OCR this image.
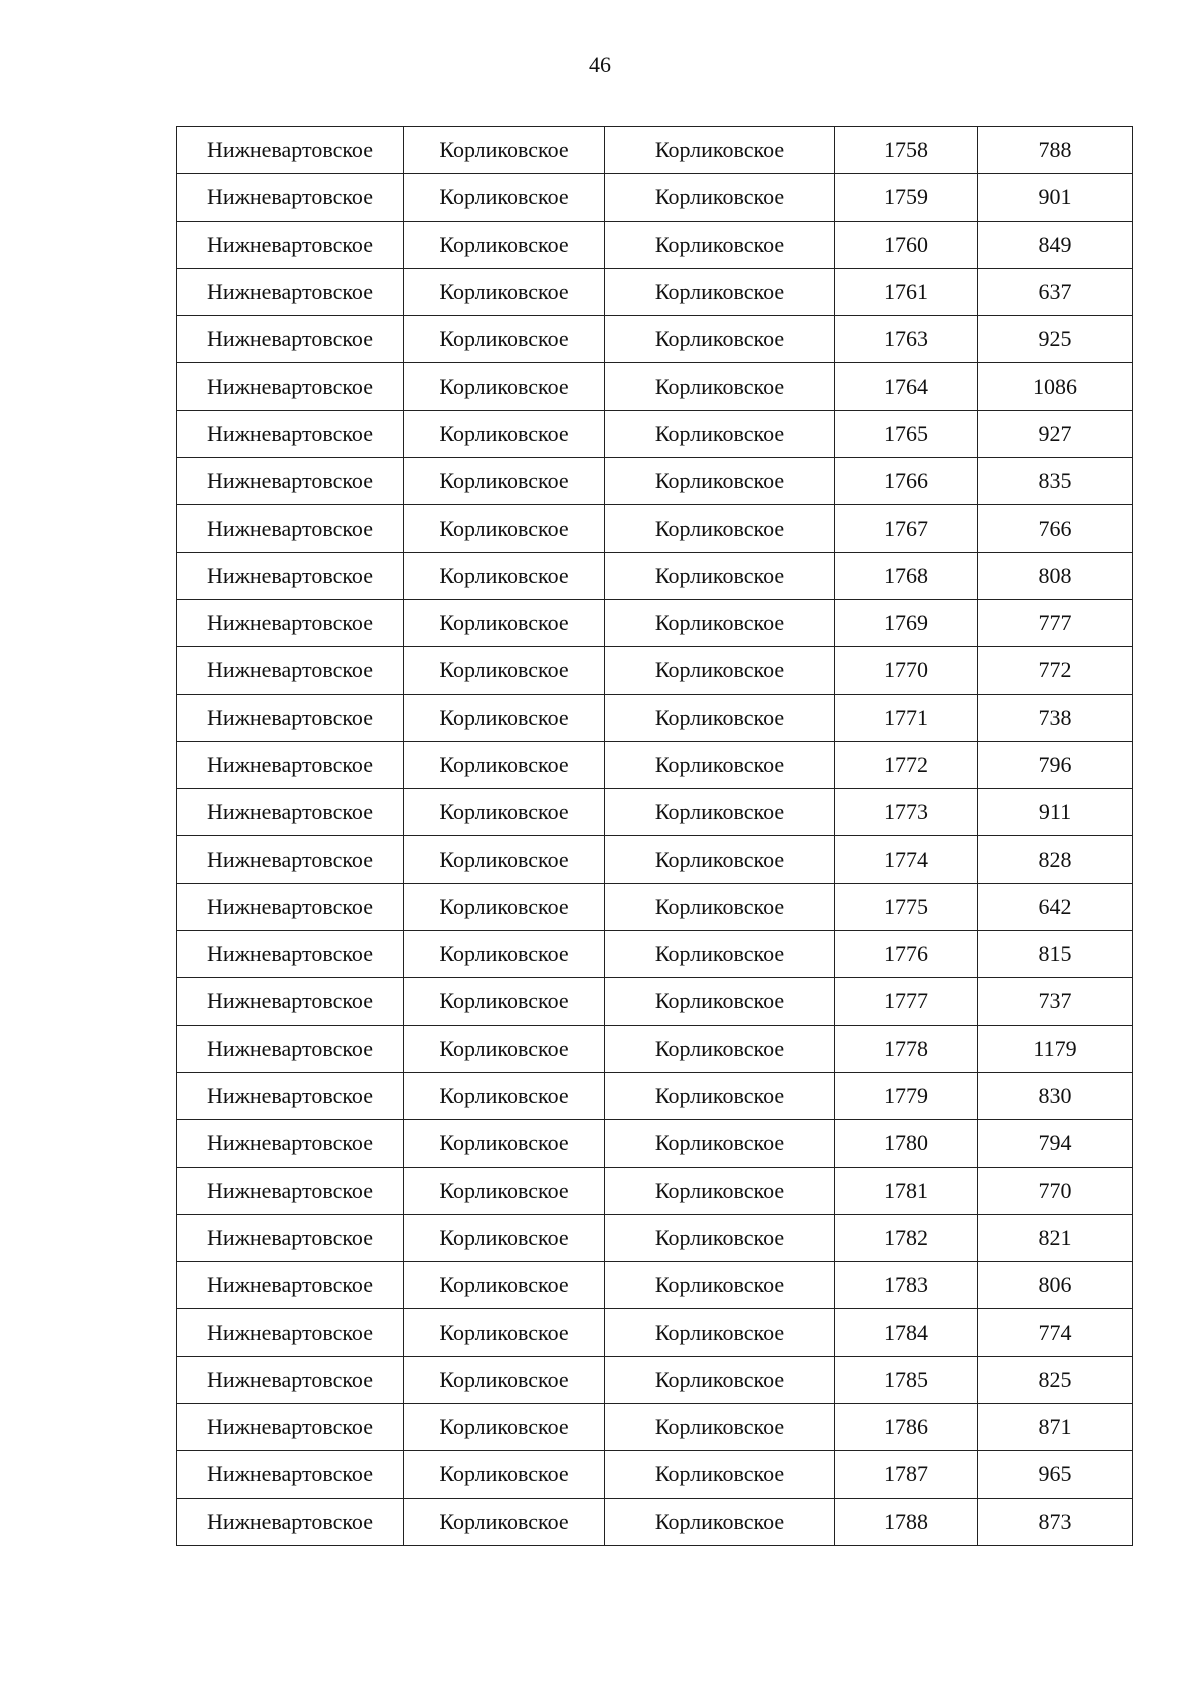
46
Нижневартовское	Корликовское	Корликовское	1758	788
Нижневартовское	Корликовское	Корликовское	1759	901
Нижневартовское	Корликовское	Корликовское	1760	849
Нижневартовское	Корликовское	Корликовское	1761	637
Нижневартовское	Корликовское	Корликовское	1763	925
Нижневартовское	Корликовское	Корликовское	1764	1086
Нижневартовское	Корликовское	Корликовское	1765	927
Нижневартовское	Корликовское	Корликовское	1766	835
Нижневартовское	Корликовское	Корликовское	1767	766
Нижневартовское	Корликовское	Корликовское	1768	808
Нижневартовское	Корликовское	Корликовское	1769	777
Нижневартовское	Корликовское	Корликовское	1770	772
Нижневартовское	Корликовское	Корликовское	1771	738
Нижневартовское	Корликовское	Корликовское	1772	796
Нижневартовское	Корликовское	Корликовское	1773	911
Нижневартовское	Корликовское	Корликовское	1774	828
Нижневартовское	Корликовское	Корликовское	1775	642
Нижневартовское	Корликовское	Корликовское	1776	815
Нижневартовское	Корликовское	Корликовское	1777	737
Нижневартовское	Корликовское	Корликовское	1778	1179
Нижневартовское	Корликовское	Корликовское	1779	830
Нижневартовское	Корликовское	Корликовское	1780	794
Нижневартовское	Корликовское	Корликовское	1781	770
Нижневартовское	Корликовское	Корликовское	1782	821
Нижневартовское	Корликовское	Корликовское	1783	806
Нижневартовское	Корликовское	Корликовское	1784	774
Нижневартовское	Корликовское	Корликовское	1785	825
Нижневартовское	Корликовское	Корликовское	1786	871
Нижневартовское	Корликовское	Корликовское	1787	965
Нижневартовское	Корликовское	Корликовское	1788	873
